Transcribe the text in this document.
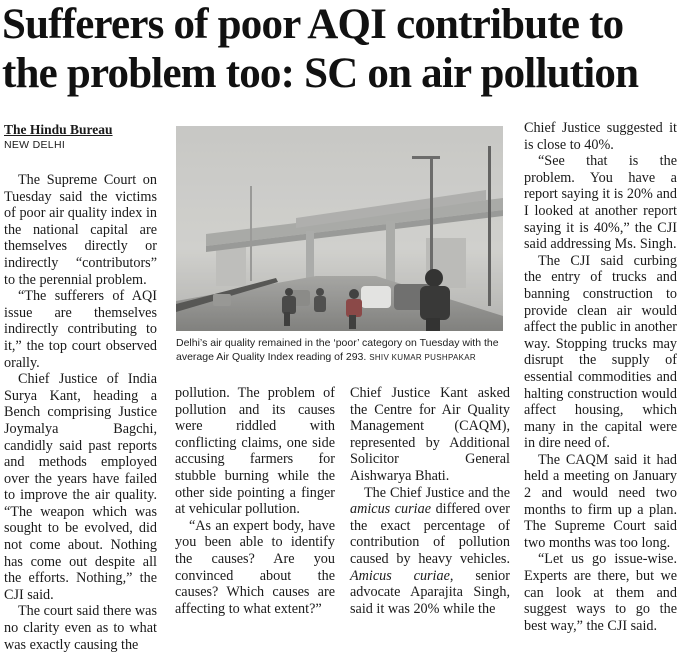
Sufferers of poor AQI contribute to
the problem too: SC on air pollution
The Hindu Bureau
NEW DELHI

The Supreme Court on Tuesday said the victims of poor air quality index in the national capital are themselves directly or indirectly “contributors” to the perennial problem.

“The sufferers of AQI issue are themselves indirectly contributing to it,” the top court observed orally.

Chief Justice of India Surya Kant, heading a Bench comprising Justice Joymalya Bagchi, candidly said past reports and methods employed over the years have failed to improve the air quality. “The weapon which was sought to be evolved, did not come about. Nothing has come out despite all the efforts. Nothing,” the CJI said.

The court said there was no clarity even as to what was exactly causing the

Delhi’s air quality remained in the ‘poor’ category on Tuesday with the average Air Quality Index reading of 293. SHIV KUMAR PUSHPAKAR

pollution. The problem of pollution and its causes were riddled with conflicting claims, one side accusing farmers for stubble burning while the other side pointing a finger at vehicular pollution.

“As an expert body, have you been able to identify the causes? Are you convinced about the causes? Which causes are affecting to what extent?”

Chief Justice Kant asked the Centre for Air Quality Management (CAQM), represented by Additional Solicitor General Aishwarya Bhati.

The Chief Justice and the amicus curiae differed over the exact percentage of contribution of pollution caused by heavy vehicles. Amicus curiae, senior advocate Aparajita Singh, said it was 20% while the

Chief Justice suggested it is close to 40%.

“See that is the problem. You have a report saying it is 20% and I looked at another report saying it is 40%,” the CJI said addressing Ms. Singh.

The CJI said curbing the entry of trucks and banning construction to provide clean air would affect the public in another way. Stopping trucks may disrupt the supply of essential commodities and halting construction would affect housing, which many in the capital were in dire need of.

The CAQM said it had held a meeting on January 2 and would need two months to firm up a plan. The Supreme Court said two months was too long.

“Let us go issue-wise. Experts are there, but we can look at them and suggest ways to go the best way,” the CJI said.
